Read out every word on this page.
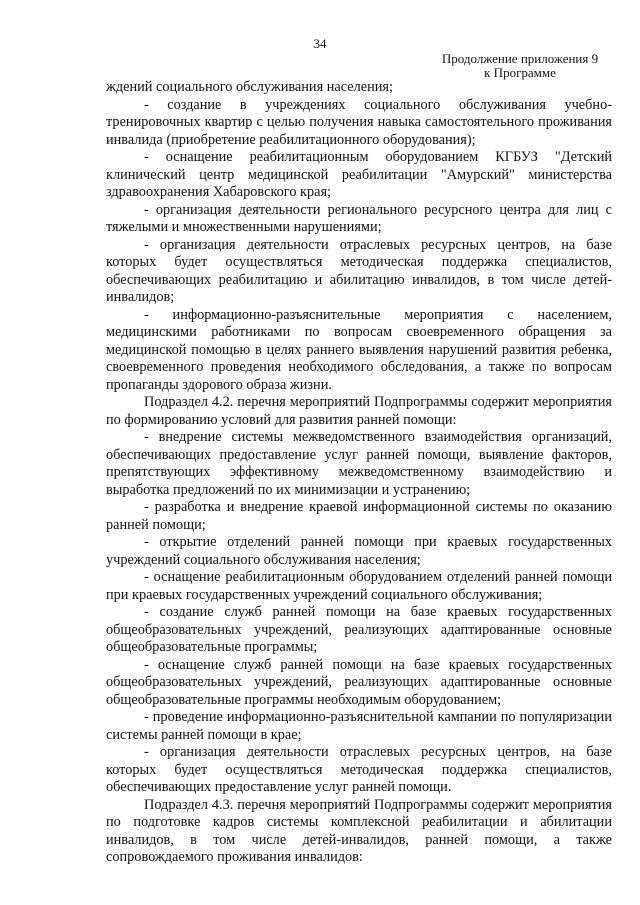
34
Продолжение приложения 9
к Программе

ждений социального обслуживания населения;

- создание в учреждениях социального обслуживания учебно-тренировочных квартир с целью получения навыка самостоятельного проживания инвалида (приобретение реабилитационного оборудования);

- оснащение реабилитационным оборудованием КГБУЗ "Детский клинический центр медицинской реабилитации "Амурский" министерства здравоохранения Хабаровского края;

- организация деятельности регионального ресурсного центра для лиц с тяжелыми и множественными нарушениями;

- организация деятельности отраслевых ресурсных центров, на базе которых будет осуществляться методическая поддержка специалистов, обеспечивающих реабилитацию и абилитацию инвалидов, в том числе детей-инвалидов;

- информационно-разъяснительные мероприятия с населением, медицинскими работниками по вопросам своевременного обращения за медицинской помощью в целях раннего выявления нарушений развития ребенка, своевременного проведения необходимого обследования, а также по вопросам пропаганды здорового образа жизни.

Подраздел 4.2. перечня мероприятий Подпрограммы содержит мероприятия по формированию условий для развития ранней помощи:

- внедрение системы межведомственного взаимодействия организаций, обеспечивающих предоставление услуг ранней помощи, выявление факторов, препятствующих эффективному межведомственному взаимодействию и выработка предложений по их минимизации и устранению;

- разработка и внедрение краевой информационной системы по оказанию ранней помощи;

- открытие отделений ранней помощи при краевых государственных учреждений социального обслуживания населения;

- оснащение реабилитационным оборудованием отделений ранней помощи при краевых государственных учреждений социального обслуживания;

- создание служб ранней помощи на базе краевых государственных общеобразовательных учреждений, реализующих адаптированные основные общеобразовательные программы;

- оснащение служб ранней помощи на базе краевых государственных общеобразовательных учреждений, реализующих адаптированные основные общеобразовательные программы необходимым оборудованием;

- проведение информационно-разъяснительной кампании по популяризации системы ранней помощи в крае;

- организация деятельности отраслевых ресурсных центров, на базе которых будет осуществляться методическая поддержка специалистов, обеспечивающих предоставление услуг ранней помощи.

Подраздел 4.3. перечня мероприятий Подпрограммы содержит мероприятия по подготовке кадров системы комплексной реабилитации и абилитации инвалидов, в том числе детей-инвалидов, ранней помощи, а также сопровождаемого проживания инвалидов:
